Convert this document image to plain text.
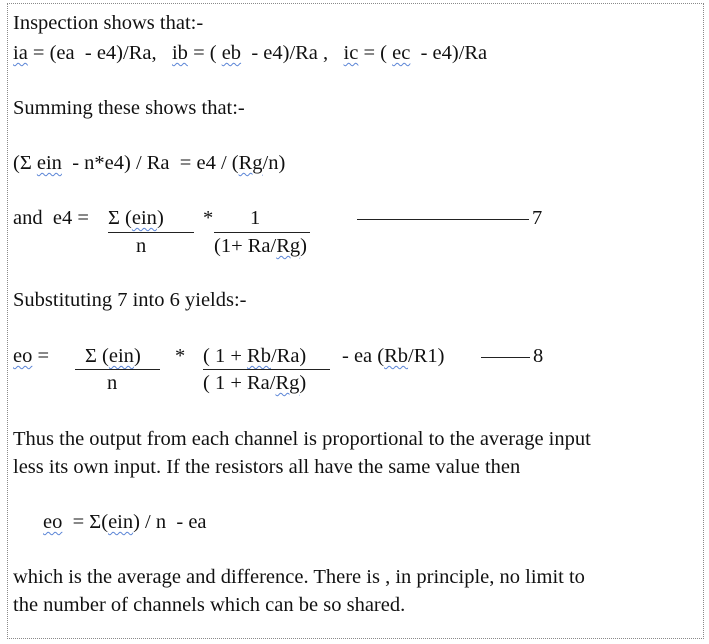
Inspection shows that:-
ia = (ea  - e4)/Ra, ib = ( eb  - e4)/Ra , ic = ( ec  - e4)/Ra
Summing these shows that:-
(Σ ein  - n*e4) / Ra  = e4 / (Rg/n)
and  e4 = Σ (ein)
n
* 1
(1+ Ra/Rg)
7
Substituting 7 into 6 yields:-
eo = Σ (ein)
n
* ( 1 + Rb/Ra)
( 1 + Ra/Rg)
- ea (Rb/R1)	8
Thus the output from each channel is proportional to the average input
less its own input. If the resistors all have the same value then
eo  = Σ(ein) / n  - ea
which is the average and difference. There is , in principle, no limit to
the number of channels which can be so shared.
